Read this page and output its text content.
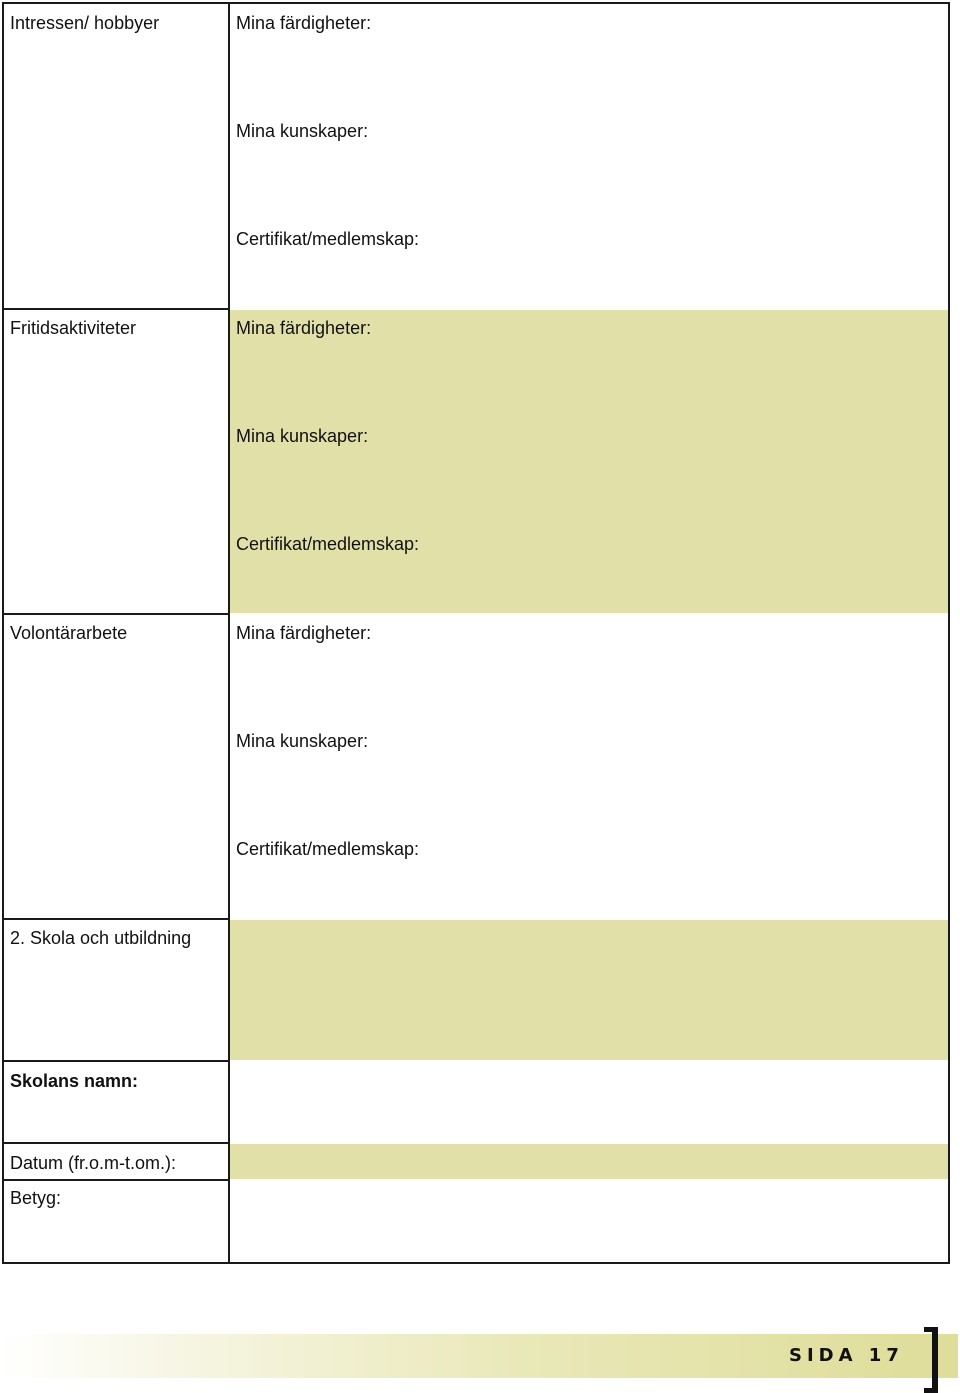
Intressen/ hobbyer	Mina färdigheter:
Mina kunskaper:
Certifikat/medlemskap:
Fritidsaktiviteter	Mina färdigheter:
Mina kunskaper:
Certifikat/medlemskap:
Volontärarbete	Mina färdigheter:
Mina kunskaper:
Certifikat/medlemskap:
2. Skola och utbildning
Skolans namn:
Datum (fr.o.m-t.om.):
Betyg:
SIDA 17
